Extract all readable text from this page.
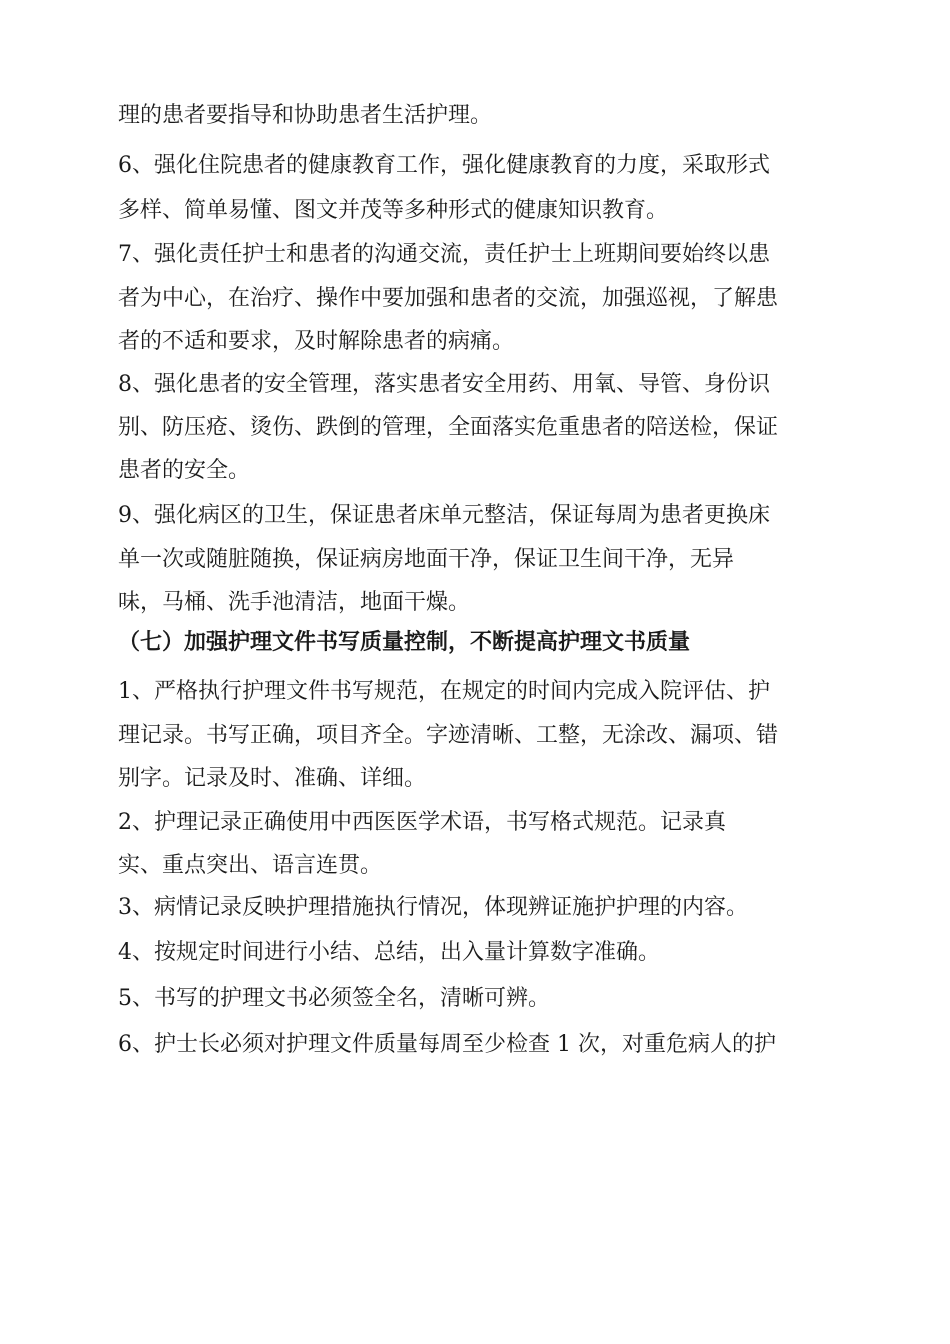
理的患者要指导和协助患者生活护理。
6、强化住院患者的健康教育工作，强化健康教育的力度，采取形式
多样、简单易懂、图文并茂等多种形式的健康知识教育。
7、强化责任护士和患者的沟通交流，责任护士上班期间要始终以患
者为中心，在治疗、操作中要加强和患者的交流，加强巡视，了解患
者的不适和要求，及时解除患者的病痛。
8、强化患者的安全管理，落实患者安全用药、用氧、导管、身份识
别、防压疮、烫伤、跌倒的管理，全面落实危重患者的陪送检，保证
患者的安全。
9、强化病区的卫生，保证患者床单元整洁，保证每周为患者更换床
单一次或随脏随换，保证病房地面干净，保证卫生间干净，无异
味，马桶、洗手池清洁，地面干燥。
（七）加强护理文件书写质量控制，不断提高护理文书质量
1、严格执行护理文件书写规范，在规定的时间内完成入院评估、护
理记录。书写正确，项目齐全。字迹清晰、工整，无涂改、漏项、错
别字。记录及时、准确、详细。
2、护理记录正确使用中西医医学术语，书写格式规范。记录真
实、重点突出、语言连贯。
3、病情记录反映护理措施执行情况，体现辨证施护护理的内容。
4、按规定时间进行小结、总结，出入量计算数字准确。
5、书写的护理文书必须签全名，清晰可辨。
6、护士长必须对护理文件质量每周至少检查 1 次，对重危病人的护
